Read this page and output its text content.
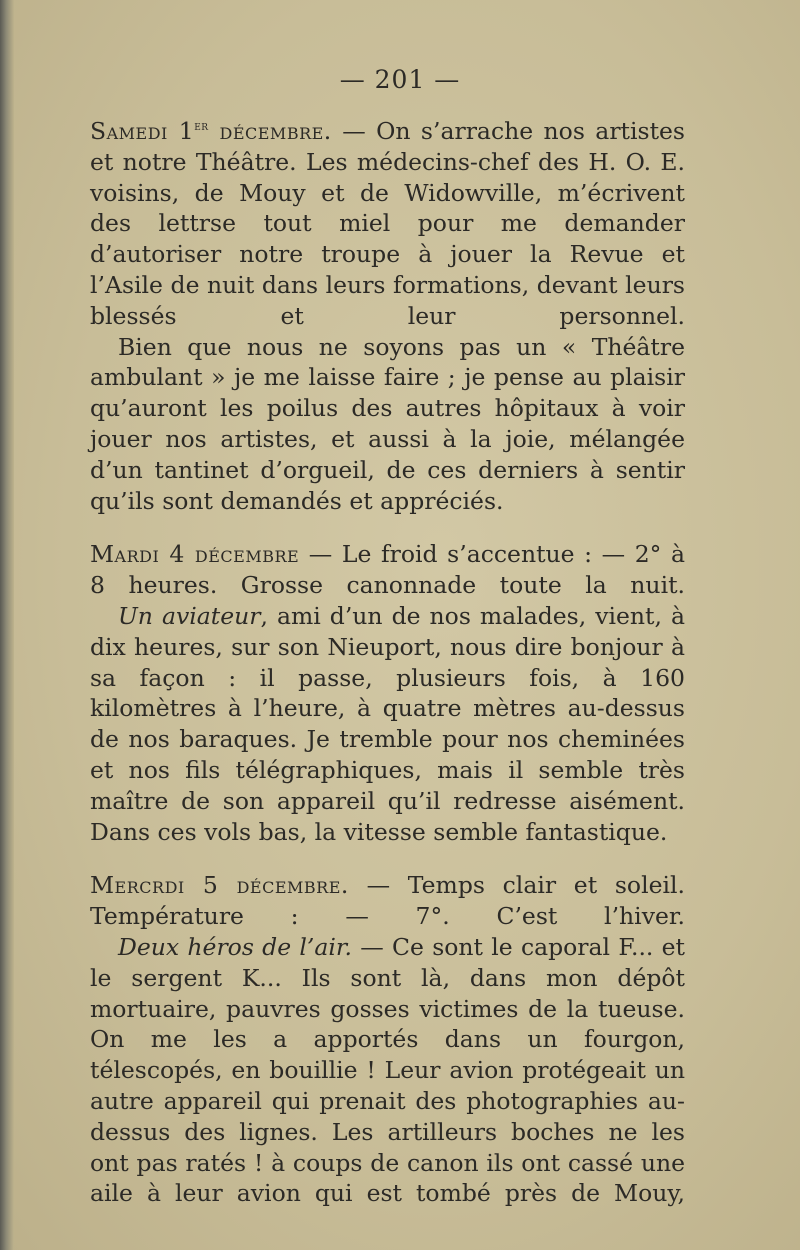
— 201 —

Samedi 1er décembre. — On s’arrache nos artistes et notre Théâtre. Les médecins-chef des H. O. E. voisins, de Mouy et de Widowville, m’écrivent des lettrse tout miel pour me demander d’autoriser notre troupe à jouer la Revue et l’Asile de nuit dans leurs formations, devant leurs blessés et leur personnel.

Bien que nous ne soyons pas un « Théâtre ambulant » je me laisse faire ; je pense au plaisir qu’auront les poilus des autres hôpitaux à voir jouer nos artistes, et aussi à la joie, mélangée d’un tantinet d’orgueil, de ces derniers à sentir qu’ils sont demandés et appréciés.

Mardi 4 décembre — Le froid s’accentue : — 2° à 8 heures. Grosse canonnade toute la nuit.

Un aviateur, ami d’un de nos malades, vient, à dix heures, sur son Nieuport, nous dire bonjour à sa façon : il passe, plusieurs fois, à 160 kilomètres à l’heure, à quatre mètres au-dessus de nos baraques. Je tremble pour nos cheminées et nos fils télégraphiques, mais il semble très maître de son appareil qu’il redresse aisément. Dans ces vols bas, la vitesse semble fantastique.

Mercrdi 5 décembre. — Temps clair et soleil. Température : — 7°. C’est l’hiver.

Deux héros de l’air. — Ce sont le caporal F... et le sergent K... Ils sont là, dans mon dépôt mortuaire, pauvres gosses victimes de la tueuse. On me les a apportés dans un fourgon, télescopés, en bouillie ! Leur avion protégeait un autre appareil qui prenait des photographies au-dessus des lignes. Les artilleurs boches ne les ont pas ratés ! à coups de canon ils ont cassé une aile à leur avion qui est tombé près de Mouy,
